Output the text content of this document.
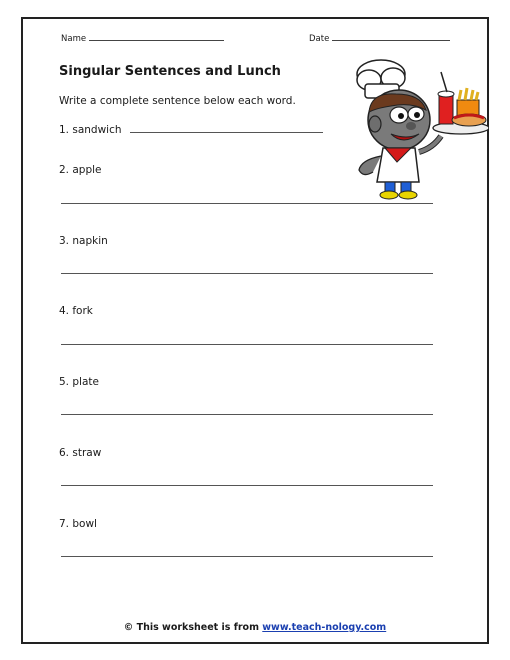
Name	Date
Singular Sentences and Lunch
Write a complete sentence below each word.
1. sandwich
2. apple
3. napkin
4. fork
5. plate
6. straw
7. bowl
© This worksheet is from www.teach-nology.com
